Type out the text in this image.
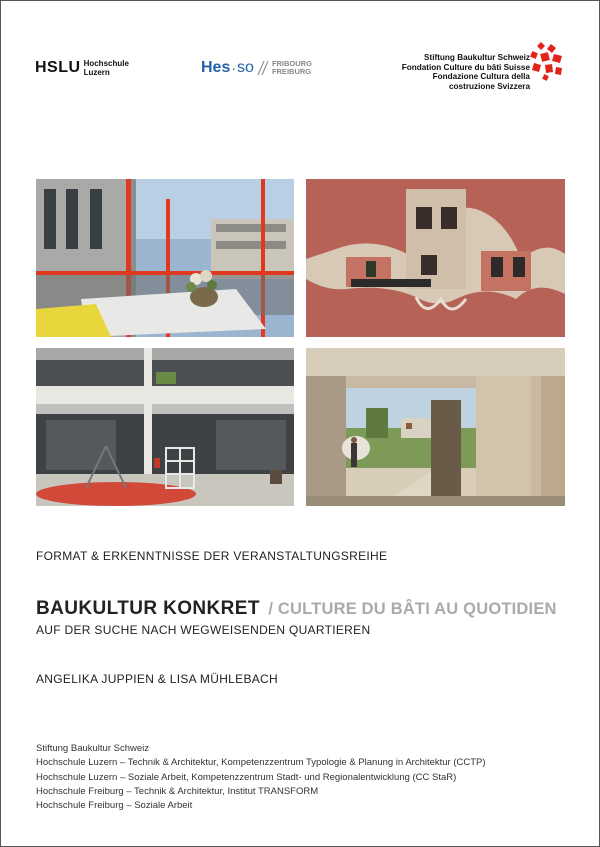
HSLU Hochschule
Luzern	Hes · so FRIBOURG
FREIBURG
Stiftung Baukultur Schweiz
Fondation Culture du bâti Suisse
Fondazione Cultura della
costruzione Svizzera
FORMAT & ERKENNTNISSE DER VERANSTALTUNGSREIHE
BAUKULTUR KONKRET / CULTURE DU BÂTI AU QUOTIDIEN
AUF DER SUCHE NACH WEGWEISENDEN QUARTIEREN
ANGELIKA JUPPIEN & LISA MÜHLEBACH
Stiftung Baukultur Schweiz
Hochschule Luzern – Technik & Architektur, Kompetenzzentrum Typologie & Planung in Architektur (CCTP)
Hochschule Luzern – Soziale Arbeit, Kompetenzzentrum Stadt- und Regionalentwicklung (CC StaR)
Hochschule Freiburg – Technik & Architektur, Institut TRANSFORM
Hochschule Freiburg – Soziale Arbeit
